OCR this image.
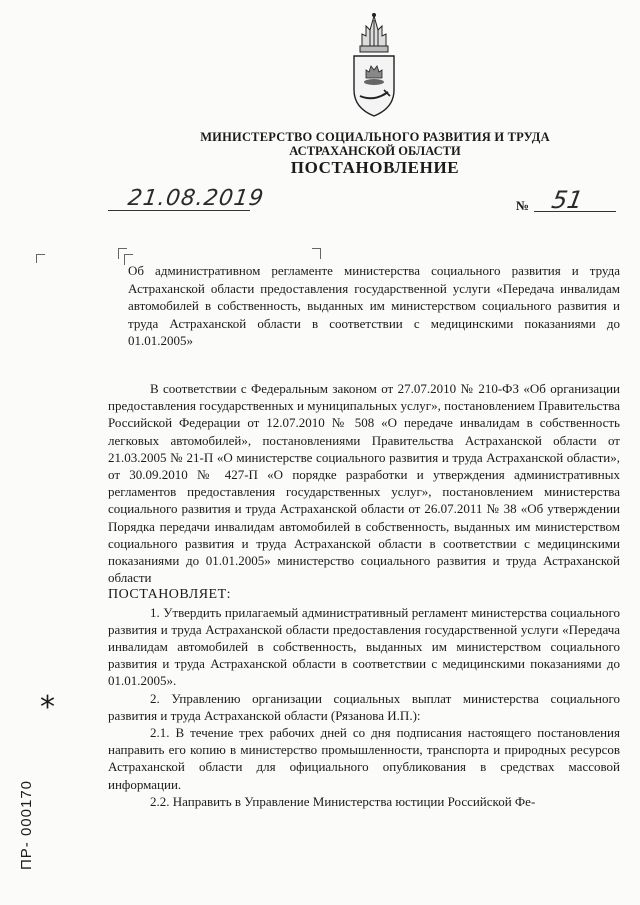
МИНИСТЕРСТВО СОЦИАЛЬНОГО РАЗВИТИЯ И ТРУДА
АСТРАХАНСКОЙ ОБЛАСТИ
ПОСТАНОВЛЕНИЕ
21.08.2019	№ 51
Об административном регламенте министерства социального развития и труда Астраханской области предоставления государственной услуги «Передача инвалидам автомобилей в собственность, выданных им министерством социального развития и труда Астраханской области в соответствии с медицинскими показаниями до 01.01.2005»

В соответствии с Федеральным законом от 27.07.2010 № 210-ФЗ «Об организации предоставления государственных и муниципальных услуг», постановлением Правительства Российской Федерации от 12.07.2010 № 508 «О передаче инвалидам в собственность легковых автомобилей», постановлениями Правительства Астраханской области от 21.03.2005 № 21-П «О министерстве социального развития и труда Астраханской области», от 30.09.2010 № 427-П «О порядке разработки и утверждения административных регламентов предоставления государственных услуг», постановлением министерства социального развития и труда Астраханской области от 26.07.2011 № 38 «Об утверждении Порядка передачи инвалидам автомобилей в собственность, выданных им министерством социального развития и труда Астраханской области в соответствии с медицинскими показаниями до 01.01.2005» министерство социального развития и труда Астраханской области

ПОСТАНОВЛЯЕТ:

1. Утвердить прилагаемый административный регламент министерства социального развития и труда Астраханской области предоставления государственной услуги «Передача инвалидам автомобилей в собственность, выданных им министерством социального развития и труда Астраханской области в соответствии с медицинскими показаниями до 01.01.2005».

2. Управлению организации социальных выплат министерства социального развития и труда Астраханской области (Рязанова И.П.):

2.1. В течение трех рабочих дней со дня подписания настоящего постановления направить его копию в министерство промышленности, транспорта и природных ресурсов Астраханской области для официального опубликования в средствах массовой информации.

2.2. Направить в Управление Министерства юстиции Российской Фе-

*
ПР- 000170
